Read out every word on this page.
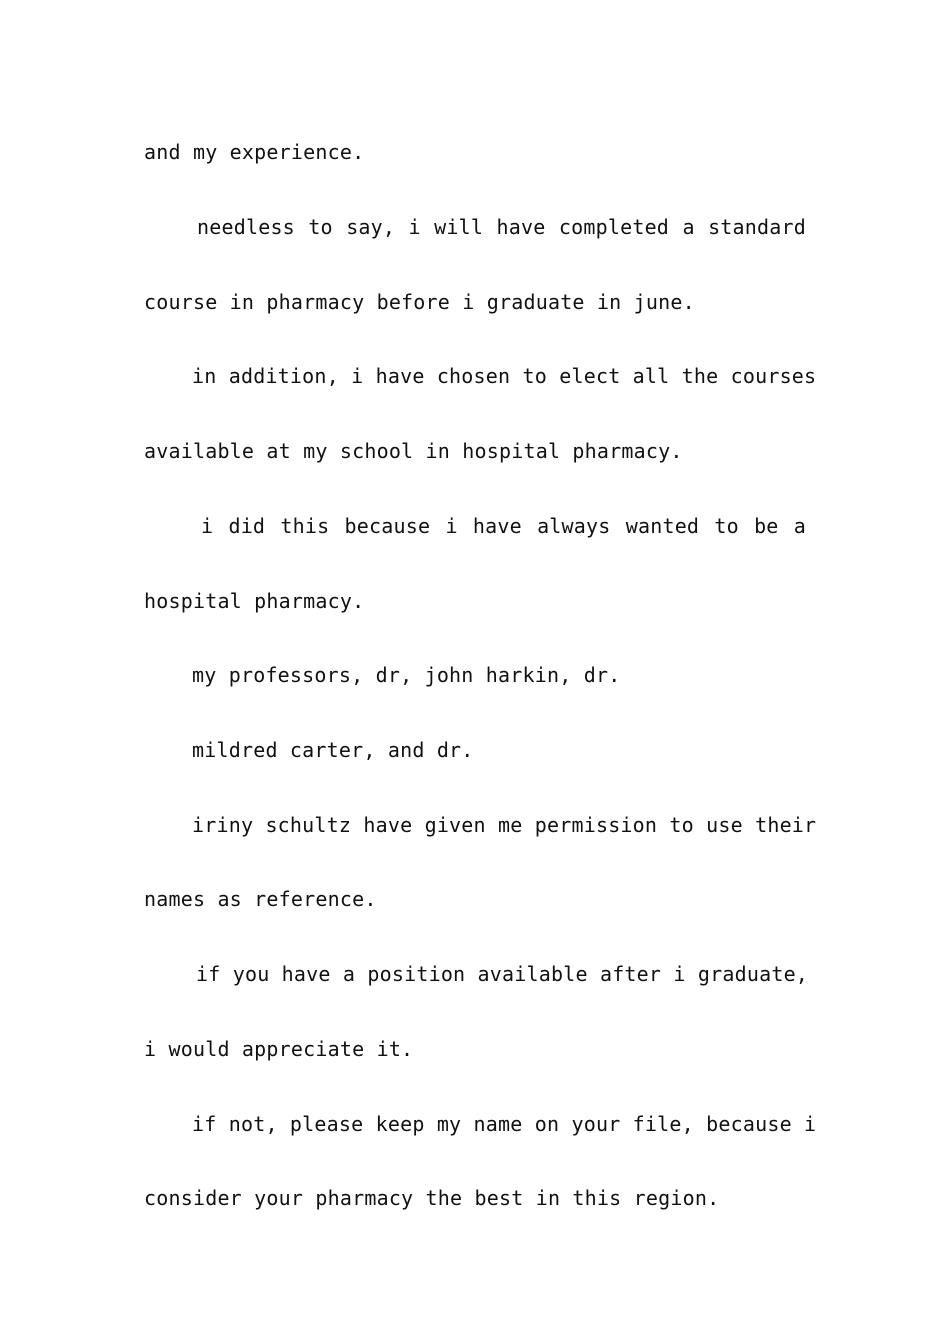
and my experience.
needless to say, i will have completed a standard
course in pharmacy before i graduate in june.
in addition, i have chosen to elect all the courses
available at my school in hospital pharmacy.
i did this because i have always wanted to be a
hospital pharmacy.
my professors, dr, john harkin, dr.
mildred carter, and dr.
iriny schultz have given me permission to use their
names as reference.
if you have a position available after i graduate,
i would appreciate it.
if not, please keep my name on your file, because i
consider your pharmacy the best in this region.
